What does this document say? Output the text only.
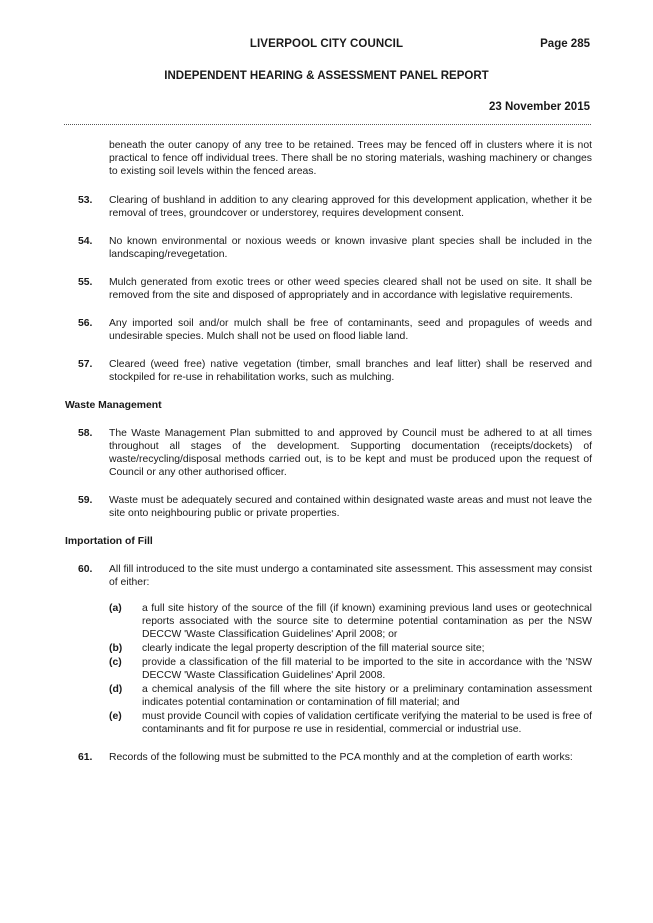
LIVERPOOL CITY COUNCIL	Page 285
INDEPENDENT HEARING & ASSESSMENT PANEL REPORT
23 November 2015
beneath the outer canopy of any tree to be retained. Trees may be fenced off in clusters where it is not practical to fence off individual trees. There shall be no storing materials, washing machinery or changes to existing soil levels within the fenced areas.
53.	Clearing of bushland in addition to any clearing approved for this development application, whether it be removal of trees, groundcover or understorey, requires development consent.
54.	No known environmental or noxious weeds or known invasive plant species shall be included in the landscaping/revegetation.
55.	Mulch generated from exotic trees or other weed species cleared shall not be used on site. It shall be removed from the site and disposed of appropriately and in accordance with legislative requirements.
56.	Any imported soil and/or mulch shall be free of contaminants, seed and propagules of weeds and undesirable species. Mulch shall not be used on flood liable land.
57.	Cleared (weed free) native vegetation (timber, small branches and leaf litter) shall be reserved and stockpiled for re-use in rehabilitation works, such as mulching.
Waste Management
58.	The Waste Management Plan submitted to and approved by Council must be adhered to at all times throughout all stages of the development. Supporting documentation (receipts/dockets) of waste/recycling/disposal methods carried out, is to be kept and must be produced upon the request of Council or any other authorised officer.
59.	Waste must be adequately secured and contained within designated waste areas and must not leave the site onto neighbouring public or private properties.
Importation of Fill
60.	All fill introduced to the site must undergo a contaminated site assessment. This assessment may consist of either:
(a)	a full site history of the source of the fill (if known) examining previous land uses or geotechnical reports associated with the source site to determine potential contamination as per the NSW DECCW 'Waste Classification Guidelines' April 2008; or
(b)	clearly indicate the legal property description of the fill material source site;
(c)	provide a classification of the fill material to be imported to the site in accordance with the 'NSW DECCW 'Waste Classification Guidelines' April 2008.
(d)	a chemical analysis of the fill where the site history or a preliminary contamination assessment indicates potential contamination or contamination of fill material; and
(e)	must provide Council with copies of validation certificate verifying the material to be used is free of contaminants and fit for purpose re use in residential, commercial or industrial use.
61.	Records of the following must be submitted to the PCA monthly and at the completion of earth works:
